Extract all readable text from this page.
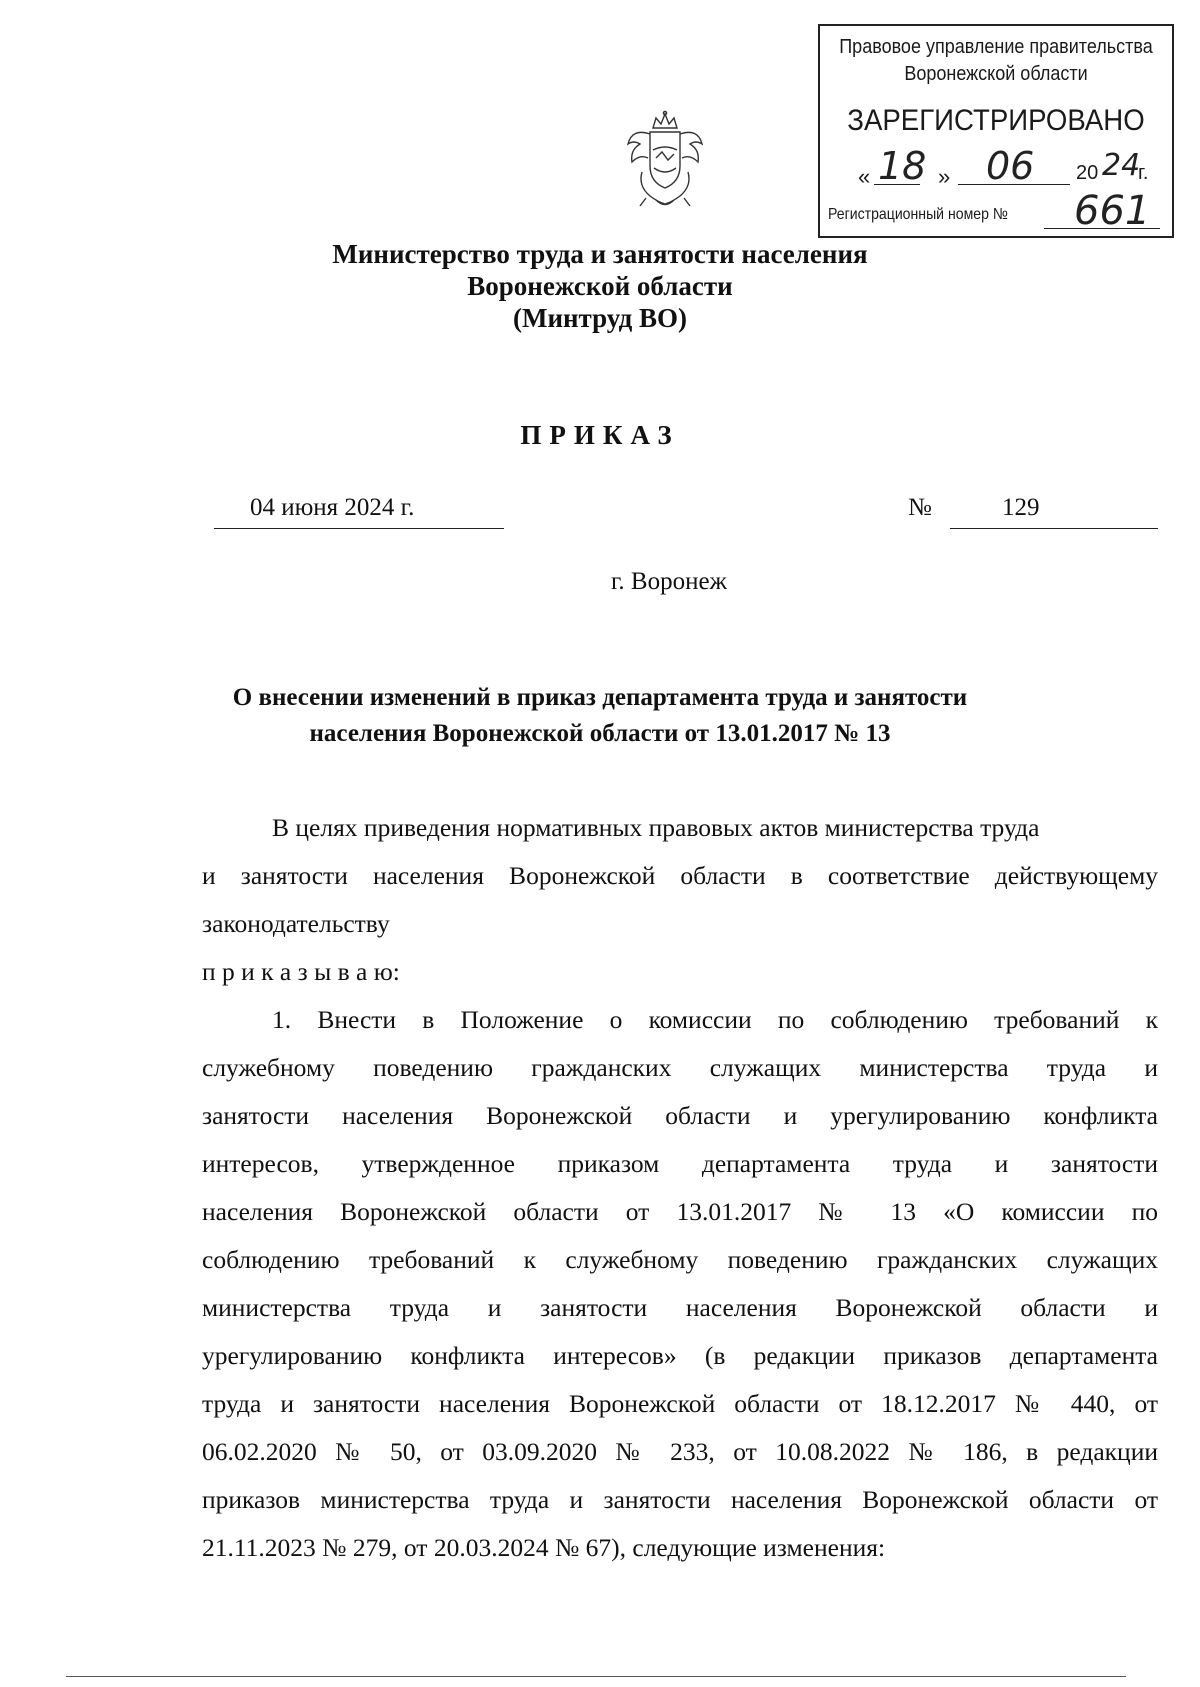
Правовое управление правительства
Воронежской области
ЗАРЕГИСТРИРОВАНО
« 18 » 06 20 24
г.
Регистрационный номер № 661
Министерство труда и занятости населения
Воронежской области
(Минтруд ВО)
ПРИКАЗ
04 июня 2024 г.	№	129
г. Воронеж
О внесении изменений в приказ департамента труда и занятости
населения Воронежской области от 13.01.2017 № 13
В целях приведения нормативных правовых актов министерства труда
и занятости населения Воронежской области в соответствие действующему
законодательству
п р и к а з ы в а ю:
1. Внести в Положение о комиссии по соблюдению требований к
служебному поведению гражданских служащих министерства труда и
занятости населения Воронежской области и урегулированию конфликта
интересов, утвержденное приказом департамента труда и занятости
населения Воронежской области от 13.01.2017 № 13 «О комиссии по
соблюдению требований к служебному поведению гражданских служащих
министерства труда и занятости населения Воронежской области и
урегулированию конфликта интересов» (в редакции приказов департамента
труда и занятости населения Воронежской области от 18.12.2017 № 440, от
06.02.2020 № 50, от 03.09.2020 № 233, от 10.08.2022 № 186, в редакции
приказов министерства труда и занятости населения Воронежской области от
21.11.2023 № 279, от 20.03.2024 № 67), следующие изменения:
